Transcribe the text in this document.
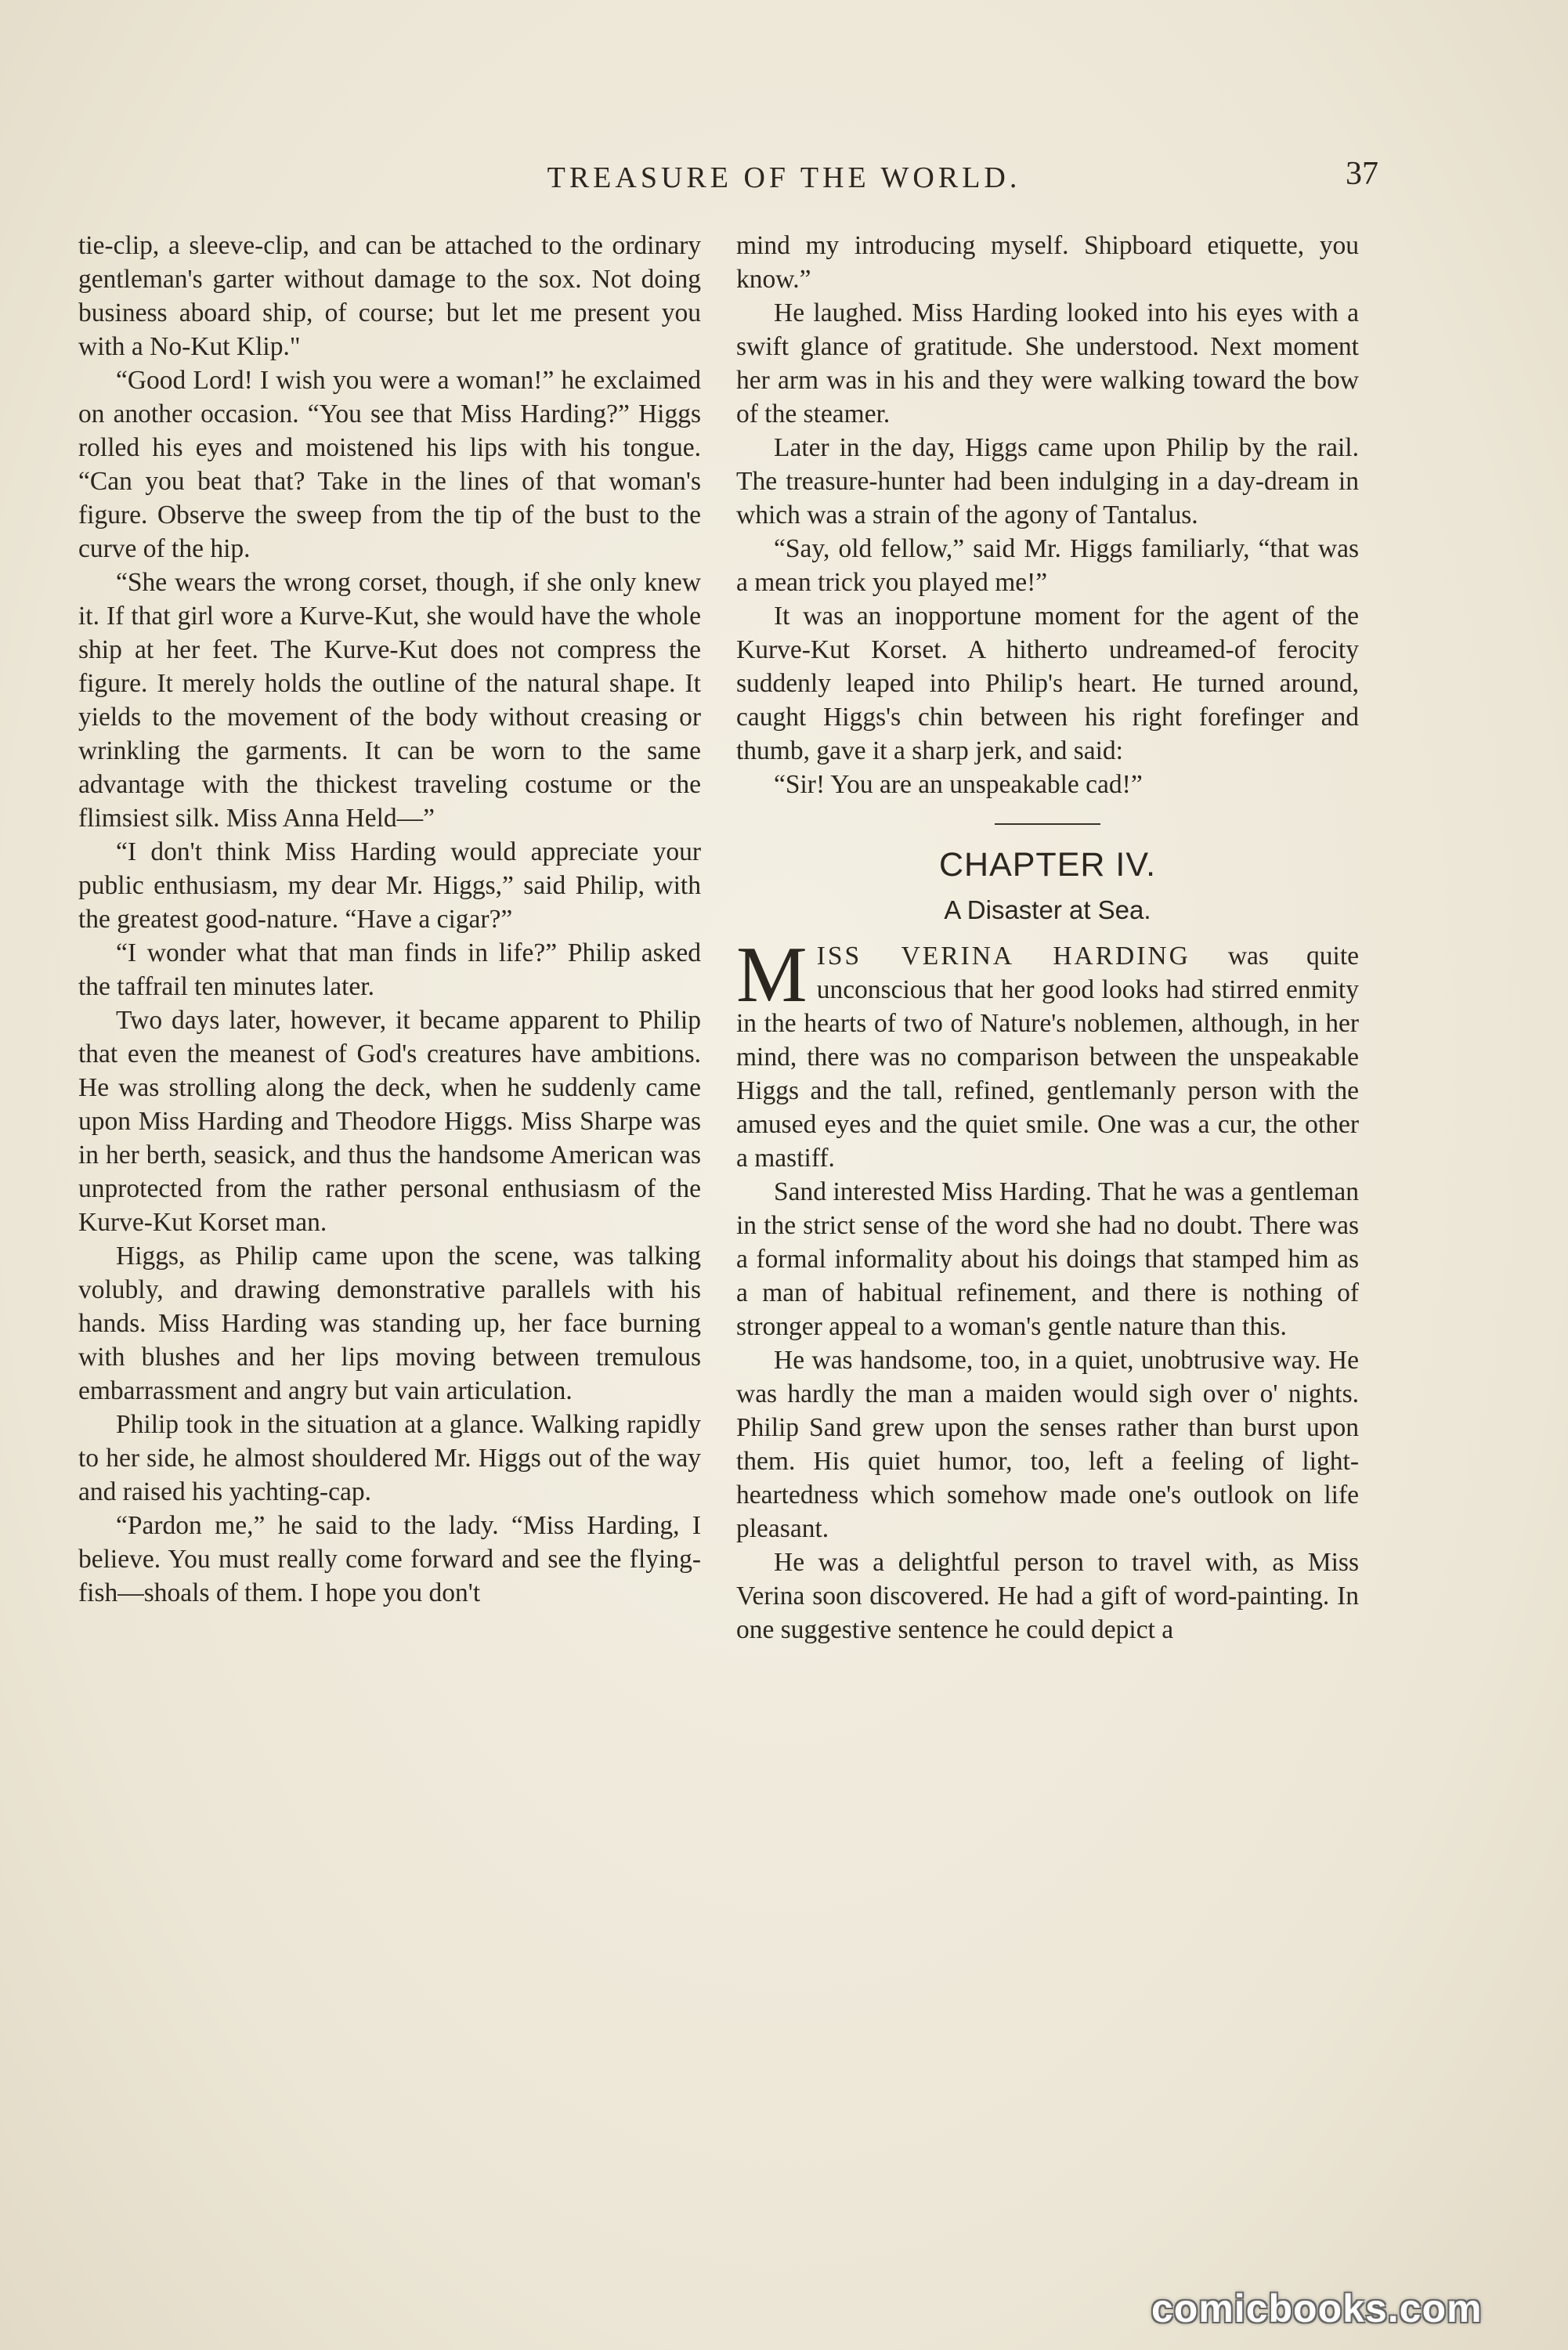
TREASURE OF THE WORLD.	37

tie-clip, a sleeve-clip, and can be attached to the ordinary gentleman's garter without damage to the sox. Not doing business aboard ship, of course; but let me present you with a No-Kut Klip."

“Good Lord! I wish you were a woman!” he exclaimed on another occasion. “You see that Miss Harding?” Higgs rolled his eyes and moistened his lips with his tongue. “Can you beat that? Take in the lines of that woman's figure. Observe the sweep from the tip of the bust to the curve of the hip.

“She wears the wrong corset, though, if she only knew it. If that girl wore a Kurve-Kut, she would have the whole ship at her feet. The Kurve-Kut does not compress the figure. It merely holds the outline of the natural shape. It yields to the movement of the body without creasing or wrinkling the garments. It can be worn to the same advantage with the thickest traveling costume or the flimsiest silk. Miss Anna Held—”

“I don't think Miss Harding would appreciate your public enthusiasm, my dear Mr. Higgs,” said Philip, with the greatest good-nature. “Have a cigar?”

“I wonder what that man finds in life?” Philip asked the taffrail ten minutes later.

Two days later, however, it became apparent to Philip that even the meanest of God's creatures have ambitions. He was strolling along the deck, when he suddenly came upon Miss Harding and Theodore Higgs. Miss Sharpe was in her berth, seasick, and thus the handsome American was unprotected from the rather personal enthusiasm of the Kurve-Kut Korset man.

Higgs, as Philip came upon the scene, was talking volubly, and drawing demonstrative parallels with his hands. Miss Harding was standing up, her face burning with blushes and her lips moving between tremulous embarrassment and angry but vain articulation.

Philip took in the situation at a glance. Walking rapidly to her side, he almost shouldered Mr. Higgs out of the way and raised his yachting-cap.

“Pardon me,” he said to the lady. “Miss Harding, I believe. You must really come forward and see the flying-fish—shoals of them. I hope you don't

mind my introducing myself. Shipboard etiquette, you know.”

He laughed. Miss Harding looked into his eyes with a swift glance of gratitude. She understood. Next moment her arm was in his and they were walking toward the bow of the steamer.

Later in the day, Higgs came upon Philip by the rail. The treasure-hunter had been indulging in a day-dream in which was a strain of the agony of Tantalus.

“Say, old fellow,” said Mr. Higgs familiarly, “that was a mean trick you played me!”

It was an inopportune moment for the agent of the Kurve-Kut Korset. A hitherto undreamed-of ferocity suddenly leaped into Philip's heart. He turned around, caught Higgs's chin between his right forefinger and thumb, gave it a sharp jerk, and said:

“Sir! You are an unspeakable cad!”

CHAPTER IV.
A Disaster at Sea.

MISS VERINA HARDING was quite unconscious that her good looks had stirred enmity in the hearts of two of Nature's noblemen, although, in her mind, there was no comparison between the unspeakable Higgs and the tall, refined, gentlemanly person with the amused eyes and the quiet smile. One was a cur, the other a mastiff.

Sand interested Miss Harding. That he was a gentleman in the strict sense of the word she had no doubt. There was a formal informality about his doings that stamped him as a man of habitual refinement, and there is nothing of stronger appeal to a woman's gentle nature than this.

He was handsome, too, in a quiet, unobtrusive way. He was hardly the man a maiden would sigh over o' nights. Philip Sand grew upon the senses rather than burst upon them. His quiet humor, too, left a feeling of light-heartedness which somehow made one's outlook on life pleasant.

He was a delightful person to travel with, as Miss Verina soon discovered. He had a gift of word-painting. In one suggestive sentence he could depict a

comicbooks.com
